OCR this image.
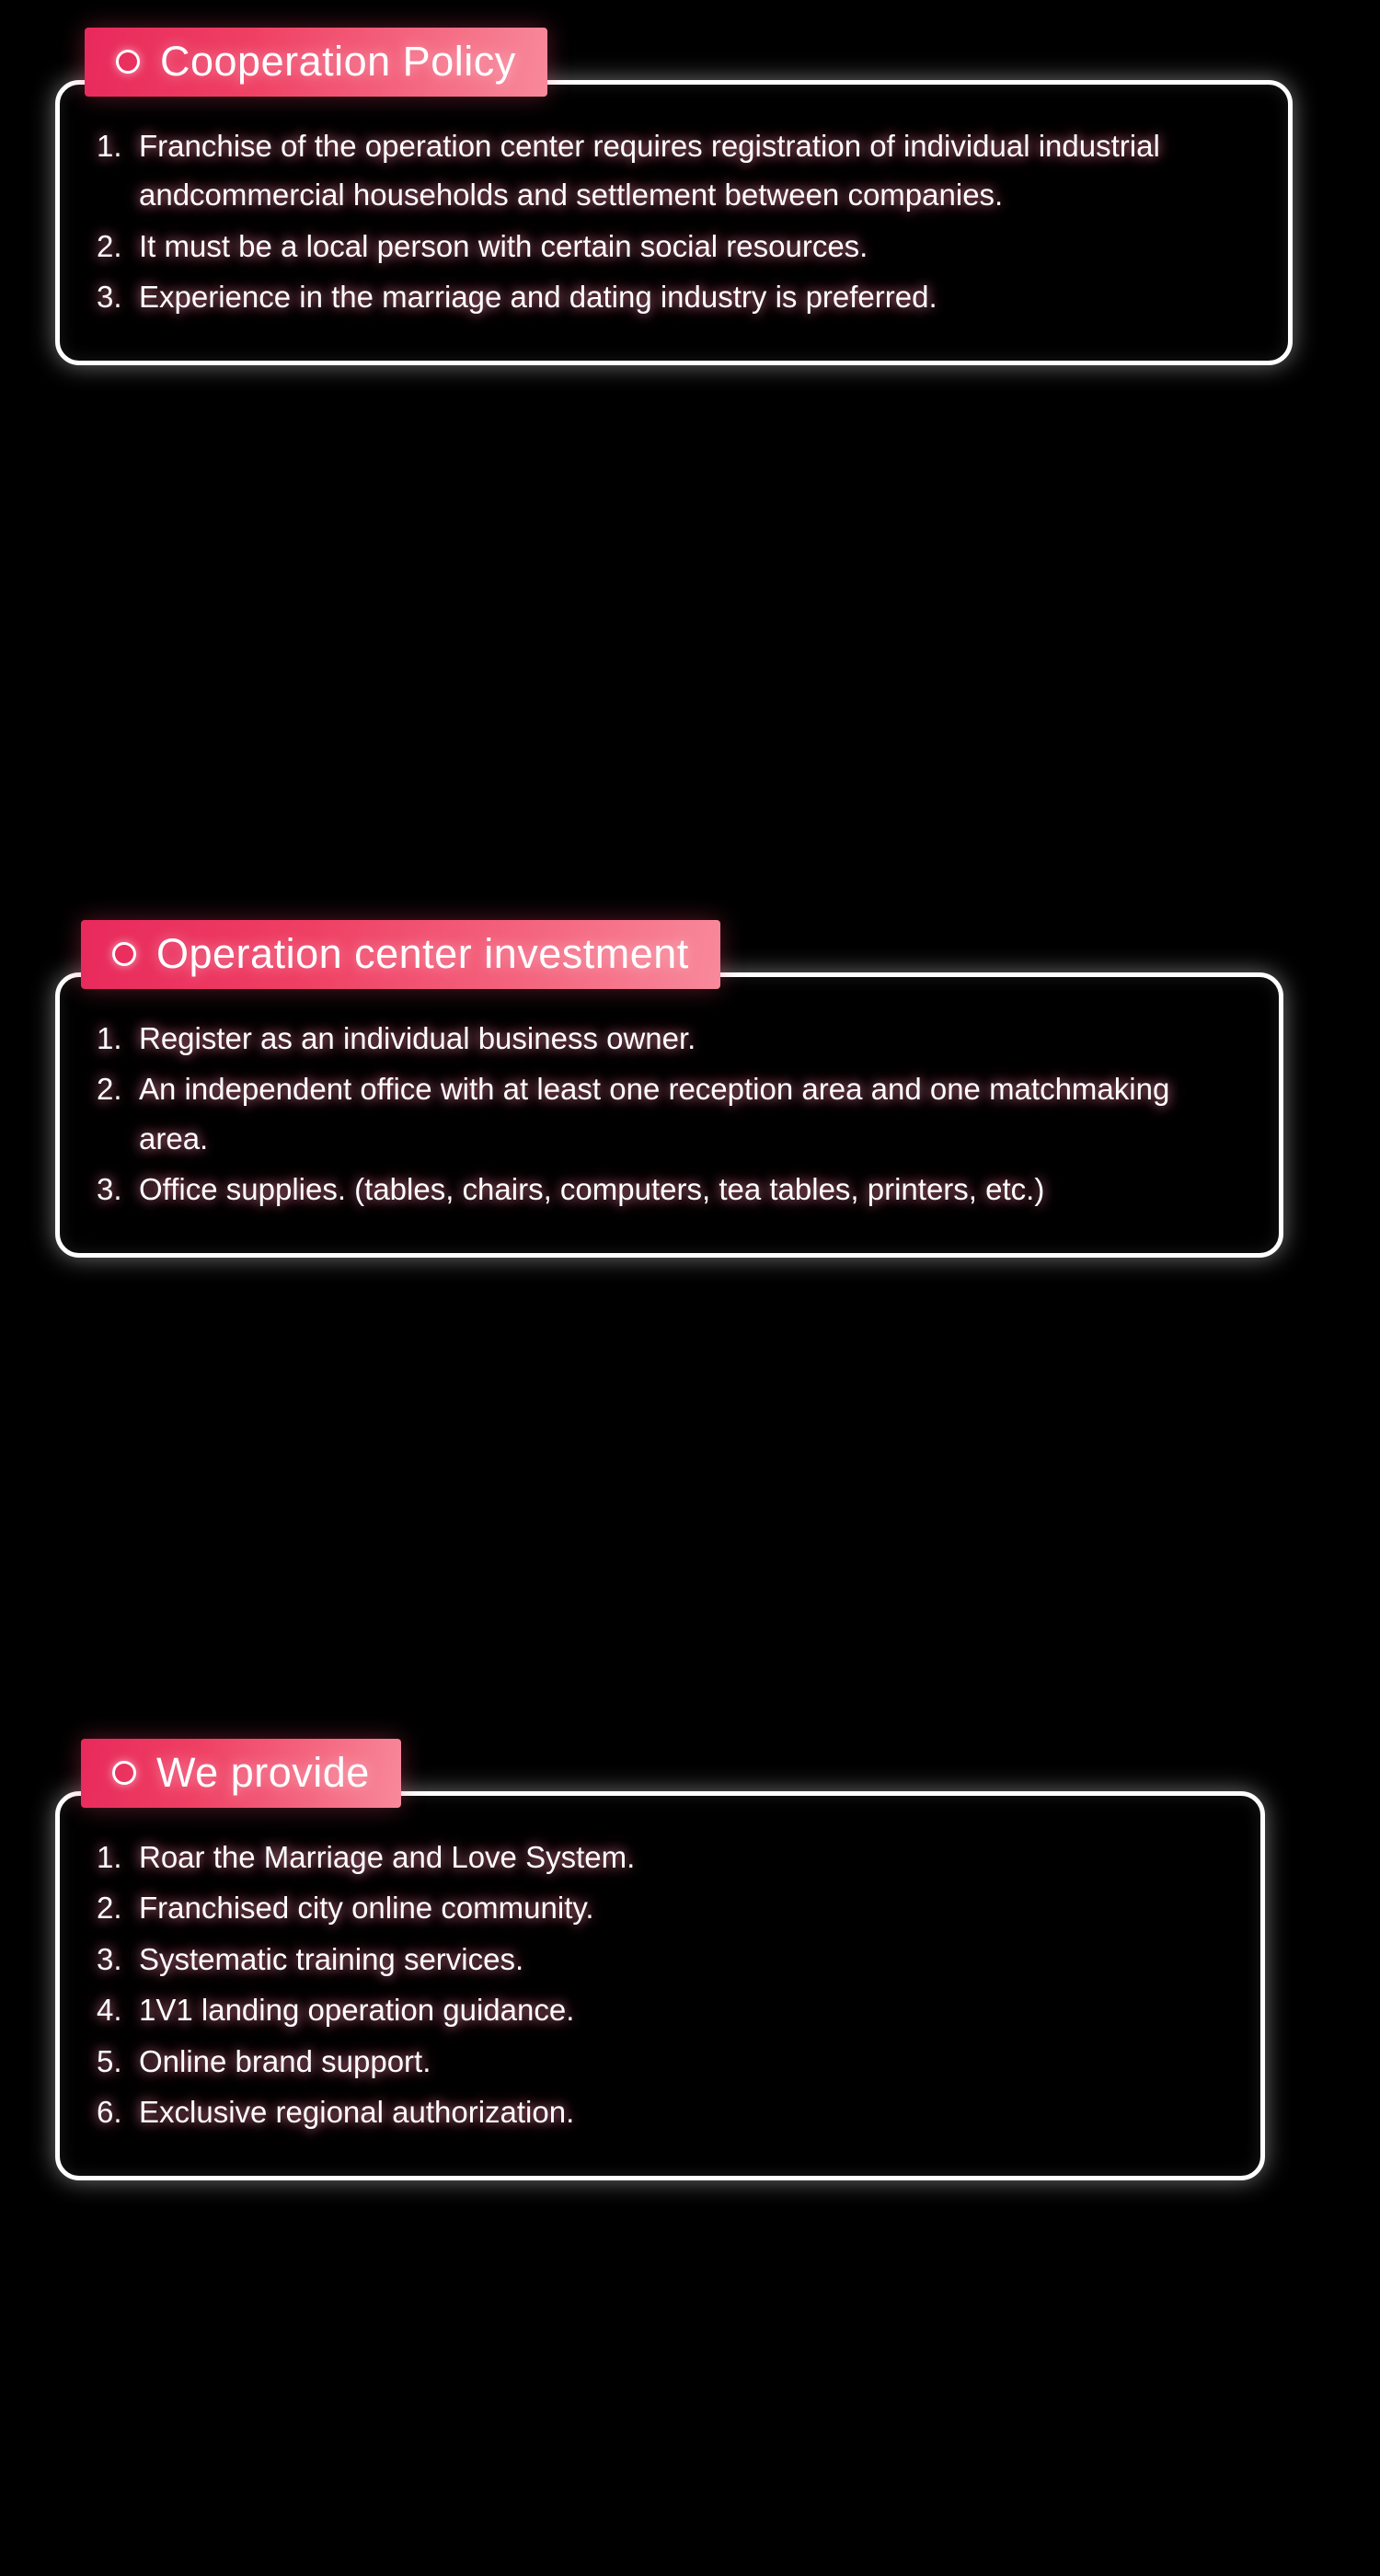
Cooperation Policy
1. Franchise of the operation center requires registration of individual industrial andcommercial households and settlement between companies.
2. It must be a local person with certain social resources.
3. Experience in the marriage and dating industry is preferred.
Operation center investment
1. Register as an individual business owner.
2. An independent office with at least one reception area and one matchmaking area.
3. Office supplies. (tables, chairs, computers, tea tables, printers, etc.)
We provide
1. Roar the Marriage and Love System.
2. Franchised city online community.
3. Systematic training services.
4. 1V1 landing operation guidance.
5. Online brand support.
6. Exclusive regional authorization.
